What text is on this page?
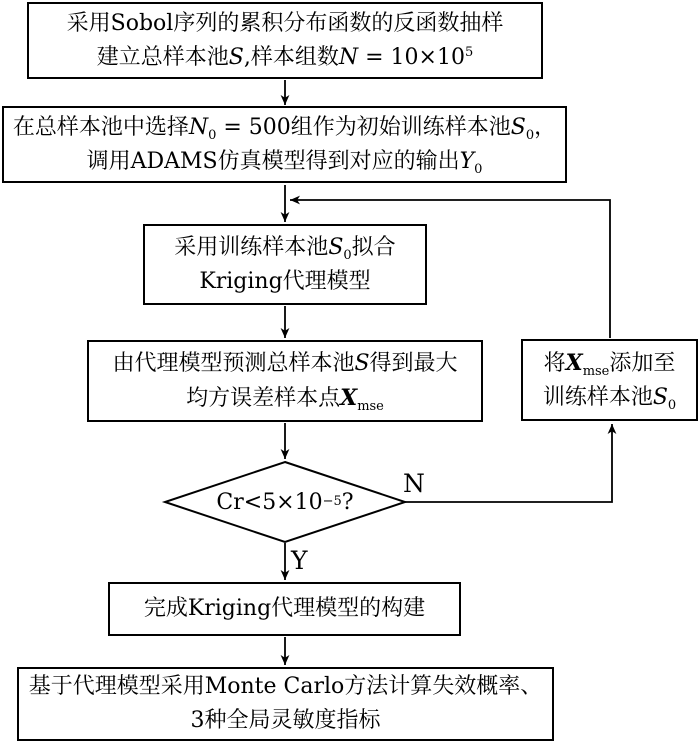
采用Sobol序列的累积分布函数的反函数抽样
建立总样本池S,样本组数$N = 10\times 10^5$
在总样本池中选择$N_0 = 500$组作为初始训练样本池$S_0$，
调用ADAMS仿真模型得到对应的输出$Y_0$
采用训练样本池$S_0$拟合
Kriging代理模型
由代理模型预测总样本池S得到最大
均方误差样本点$X_{mse}$
将$X_{mse}$添加至
训练样本池$S_0$
Cr<5×10 −5 ?
N
Y
完成Kriging代理模型的构建
基于代理模型采用Monte Carlo方法计算失效概率、
3种全局灵敏度指标
